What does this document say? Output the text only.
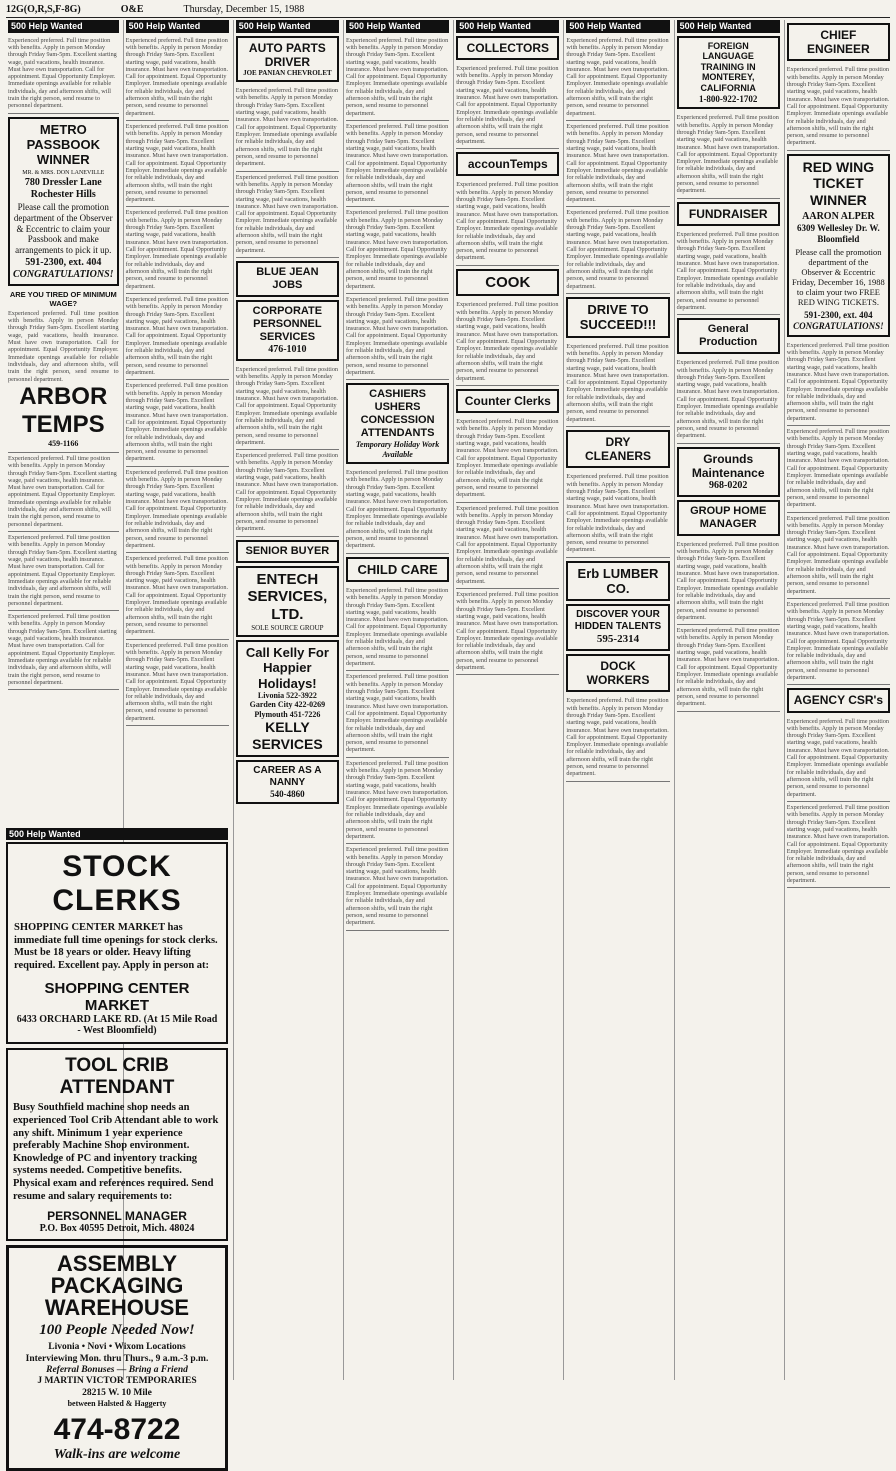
12G(O,R,S,F-8G)	O&E	Thursday, December 15, 1988
500 Help Wanted
Experienced preferred. Full time position with benefits. Apply in person Monday through Friday 9am-5pm. Excellent starting wage, paid vacations, health insurance. Must have own transportation. Call for appointment. Equal Opportunity Employer. Immediate openings available for reliable individuals, day and afternoon shifts, will train the right person, send resume to personnel department.
METRO PASSBOOK WINNER
MR. & MRS. DON LANEVILLE
780 Dressler Lane Rochester Hills
Please call the promotion department of the Observer & Eccentric to claim your Passbook and make arrangements to pick it up.
591-2300, ext. 404
CONGRATULATIONS!
ARE YOU TIRED OF MINIMUM WAGE?

Experienced preferred. Full time position with benefits. Apply in person Monday through Friday 9am-5pm. Excellent starting wage, paid vacations, health insurance. Must have own transportation. Call for appointment. Equal Opportunity Employer. Immediate openings available for reliable individuals, day and afternoon shifts, will train the right person, send resume to personnel department.

ARBOR TEMPS
459-1166
Experienced preferred. Full time position with benefits. Apply in person Monday through Friday 9am-5pm. Excellent starting wage, paid vacations, health insurance. Must have own transportation. Call for appointment. Equal Opportunity Employer. Immediate openings available for reliable individuals, day and afternoon shifts, will train the right person, send resume to personnel department.
Experienced preferred. Full time position with benefits. Apply in person Monday through Friday 9am-5pm. Excellent starting wage, paid vacations, health insurance. Must have own transportation. Call for appointment. Equal Opportunity Employer. Immediate openings available for reliable individuals, day and afternoon shifts, will train the right person, send resume to personnel department.
Experienced preferred. Full time position with benefits. Apply in person Monday through Friday 9am-5pm. Excellent starting wage, paid vacations, health insurance. Must have own transportation. Call for appointment. Equal Opportunity Employer. Immediate openings available for reliable individuals, day and afternoon shifts, will train the right person, send resume to personnel department.
500 Help Wanted
Experienced preferred. Full time position with benefits. Apply in person Monday through Friday 9am-5pm. Excellent starting wage, paid vacations, health insurance. Must have own transportation. Call for appointment. Equal Opportunity Employer. Immediate openings available for reliable individuals, day and afternoon shifts, will train the right person, send resume to personnel department.
Experienced preferred. Full time position with benefits. Apply in person Monday through Friday 9am-5pm. Excellent starting wage, paid vacations, health insurance. Must have own transportation. Call for appointment. Equal Opportunity Employer. Immediate openings available for reliable individuals, day and afternoon shifts, will train the right person, send resume to personnel department.
Experienced preferred. Full time position with benefits. Apply in person Monday through Friday 9am-5pm. Excellent starting wage, paid vacations, health insurance. Must have own transportation. Call for appointment. Equal Opportunity Employer. Immediate openings available for reliable individuals, day and afternoon shifts, will train the right person, send resume to personnel department.
Experienced preferred. Full time position with benefits. Apply in person Monday through Friday 9am-5pm. Excellent starting wage, paid vacations, health insurance. Must have own transportation. Call for appointment. Equal Opportunity Employer. Immediate openings available for reliable individuals, day and afternoon shifts, will train the right person, send resume to personnel department.
Experienced preferred. Full time position with benefits. Apply in person Monday through Friday 9am-5pm. Excellent starting wage, paid vacations, health insurance. Must have own transportation. Call for appointment. Equal Opportunity Employer. Immediate openings available for reliable individuals, day and afternoon shifts, will train the right person, send resume to personnel department.
Experienced preferred. Full time position with benefits. Apply in person Monday through Friday 9am-5pm. Excellent starting wage, paid vacations, health insurance. Must have own transportation. Call for appointment. Equal Opportunity Employer. Immediate openings available for reliable individuals, day and afternoon shifts, will train the right person, send resume to personnel department.
Experienced preferred. Full time position with benefits. Apply in person Monday through Friday 9am-5pm. Excellent starting wage, paid vacations, health insurance. Must have own transportation. Call for appointment. Equal Opportunity Employer. Immediate openings available for reliable individuals, day and afternoon shifts, will train the right person, send resume to personnel department.
Experienced preferred. Full time position with benefits. Apply in person Monday through Friday 9am-5pm. Excellent starting wage, paid vacations, health insurance. Must have own transportation. Call for appointment. Equal Opportunity Employer. Immediate openings available for reliable individuals, day and afternoon shifts, will train the right person, send resume to personnel department.
500 Help Wanted
AUTO PARTS DRIVER
JOE PANIAN CHEVROLET
Experienced preferred. Full time position with benefits. Apply in person Monday through Friday 9am-5pm. Excellent starting wage, paid vacations, health insurance. Must have own transportation. Call for appointment. Equal Opportunity Employer. Immediate openings available for reliable individuals, day and afternoon shifts, will train the right person, send resume to personnel department.
Experienced preferred. Full time position with benefits. Apply in person Monday through Friday 9am-5pm. Excellent starting wage, paid vacations, health insurance. Must have own transportation. Call for appointment. Equal Opportunity Employer. Immediate openings available for reliable individuals, day and afternoon shifts, will train the right person, send resume to personnel department.
BLUE JEAN JOBS
CORPORATE PERSONNEL SERVICES
476-1010
Experienced preferred. Full time position with benefits. Apply in person Monday through Friday 9am-5pm. Excellent starting wage, paid vacations, health insurance. Must have own transportation. Call for appointment. Equal Opportunity Employer. Immediate openings available for reliable individuals, day and afternoon shifts, will train the right person, send resume to personnel department.
Experienced preferred. Full time position with benefits. Apply in person Monday through Friday 9am-5pm. Excellent starting wage, paid vacations, health insurance. Must have own transportation. Call for appointment. Equal Opportunity Employer. Immediate openings available for reliable individuals, day and afternoon shifts, will train the right person, send resume to personnel department.
SENIOR BUYER
ENTECH SERVICES, LTD.
SOLE SOURCE GROUP
Call Kelly For Happier Holidays!
Livonia 522-3922
Garden City 422-0269
Plymouth 451-7226
KELLY SERVICES
CAREER AS A NANNY
540-4860
500 Help Wanted
Experienced preferred. Full time position with benefits. Apply in person Monday through Friday 9am-5pm. Excellent starting wage, paid vacations, health insurance. Must have own transportation. Call for appointment. Equal Opportunity Employer. Immediate openings available for reliable individuals, day and afternoon shifts, will train the right person, send resume to personnel department.
Experienced preferred. Full time position with benefits. Apply in person Monday through Friday 9am-5pm. Excellent starting wage, paid vacations, health insurance. Must have own transportation. Call for appointment. Equal Opportunity Employer. Immediate openings available for reliable individuals, day and afternoon shifts, will train the right person, send resume to personnel department.
Experienced preferred. Full time position with benefits. Apply in person Monday through Friday 9am-5pm. Excellent starting wage, paid vacations, health insurance. Must have own transportation. Call for appointment. Equal Opportunity Employer. Immediate openings available for reliable individuals, day and afternoon shifts, will train the right person, send resume to personnel department.
Experienced preferred. Full time position with benefits. Apply in person Monday through Friday 9am-5pm. Excellent starting wage, paid vacations, health insurance. Must have own transportation. Call for appointment. Equal Opportunity Employer. Immediate openings available for reliable individuals, day and afternoon shifts, will train the right person, send resume to personnel department.
CASHIERS USHERS CONCESSION ATTENDANTS
Temporary Holiday Work Available
Experienced preferred. Full time position with benefits. Apply in person Monday through Friday 9am-5pm. Excellent starting wage, paid vacations, health insurance. Must have own transportation. Call for appointment. Equal Opportunity Employer. Immediate openings available for reliable individuals, day and afternoon shifts, will train the right person, send resume to personnel department.
CHILD CARE
Experienced preferred. Full time position with benefits. Apply in person Monday through Friday 9am-5pm. Excellent starting wage, paid vacations, health insurance. Must have own transportation. Call for appointment. Equal Opportunity Employer. Immediate openings available for reliable individuals, day and afternoon shifts, will train the right person, send resume to personnel department.
Experienced preferred. Full time position with benefits. Apply in person Monday through Friday 9am-5pm. Excellent starting wage, paid vacations, health insurance. Must have own transportation. Call for appointment. Equal Opportunity Employer. Immediate openings available for reliable individuals, day and afternoon shifts, will train the right person, send resume to personnel department.
Experienced preferred. Full time position with benefits. Apply in person Monday through Friday 9am-5pm. Excellent starting wage, paid vacations, health insurance. Must have own transportation. Call for appointment. Equal Opportunity Employer. Immediate openings available for reliable individuals, day and afternoon shifts, will train the right person, send resume to personnel department.
Experienced preferred. Full time position with benefits. Apply in person Monday through Friday 9am-5pm. Excellent starting wage, paid vacations, health insurance. Must have own transportation. Call for appointment. Equal Opportunity Employer. Immediate openings available for reliable individuals, day and afternoon shifts, will train the right person, send resume to personnel department.
500 Help Wanted
COLLECTORS
Experienced preferred. Full time position with benefits. Apply in person Monday through Friday 9am-5pm. Excellent starting wage, paid vacations, health insurance. Must have own transportation. Call for appointment. Equal Opportunity Employer. Immediate openings available for reliable individuals, day and afternoon shifts, will train the right person, send resume to personnel department.
accounTemps
Experienced preferred. Full time position with benefits. Apply in person Monday through Friday 9am-5pm. Excellent starting wage, paid vacations, health insurance. Must have own transportation. Call for appointment. Equal Opportunity Employer. Immediate openings available for reliable individuals, day and afternoon shifts, will train the right person, send resume to personnel department.
COOK
Experienced preferred. Full time position with benefits. Apply in person Monday through Friday 9am-5pm. Excellent starting wage, paid vacations, health insurance. Must have own transportation. Call for appointment. Equal Opportunity Employer. Immediate openings available for reliable individuals, day and afternoon shifts, will train the right person, send resume to personnel department.
Counter Clerks
Experienced preferred. Full time position with benefits. Apply in person Monday through Friday 9am-5pm. Excellent starting wage, paid vacations, health insurance. Must have own transportation. Call for appointment. Equal Opportunity Employer. Immediate openings available for reliable individuals, day and afternoon shifts, will train the right person, send resume to personnel department.
Experienced preferred. Full time position with benefits. Apply in person Monday through Friday 9am-5pm. Excellent starting wage, paid vacations, health insurance. Must have own transportation. Call for appointment. Equal Opportunity Employer. Immediate openings available for reliable individuals, day and afternoon shifts, will train the right person, send resume to personnel department.
Experienced preferred. Full time position with benefits. Apply in person Monday through Friday 9am-5pm. Excellent starting wage, paid vacations, health insurance. Must have own transportation. Call for appointment. Equal Opportunity Employer. Immediate openings available for reliable individuals, day and afternoon shifts, will train the right person, send resume to personnel department.
500 Help Wanted
Experienced preferred. Full time position with benefits. Apply in person Monday through Friday 9am-5pm. Excellent starting wage, paid vacations, health insurance. Must have own transportation. Call for appointment. Equal Opportunity Employer. Immediate openings available for reliable individuals, day and afternoon shifts, will train the right person, send resume to personnel department.
Experienced preferred. Full time position with benefits. Apply in person Monday through Friday 9am-5pm. Excellent starting wage, paid vacations, health insurance. Must have own transportation. Call for appointment. Equal Opportunity Employer. Immediate openings available for reliable individuals, day and afternoon shifts, will train the right person, send resume to personnel department.
Experienced preferred. Full time position with benefits. Apply in person Monday through Friday 9am-5pm. Excellent starting wage, paid vacations, health insurance. Must have own transportation. Call for appointment. Equal Opportunity Employer. Immediate openings available for reliable individuals, day and afternoon shifts, will train the right person, send resume to personnel department.
DRIVE TO SUCCEED!!!
Experienced preferred. Full time position with benefits. Apply in person Monday through Friday 9am-5pm. Excellent starting wage, paid vacations, health insurance. Must have own transportation. Call for appointment. Equal Opportunity Employer. Immediate openings available for reliable individuals, day and afternoon shifts, will train the right person, send resume to personnel department.
DRY CLEANERS
Experienced preferred. Full time position with benefits. Apply in person Monday through Friday 9am-5pm. Excellent starting wage, paid vacations, health insurance. Must have own transportation. Call for appointment. Equal Opportunity Employer. Immediate openings available for reliable individuals, day and afternoon shifts, will train the right person, send resume to personnel department.
Erb LUMBER CO.
DISCOVER YOUR HIDDEN TALENTS
595-2314
DOCK WORKERS
Experienced preferred. Full time position with benefits. Apply in person Monday through Friday 9am-5pm. Excellent starting wage, paid vacations, health insurance. Must have own transportation. Call for appointment. Equal Opportunity Employer. Immediate openings available for reliable individuals, day and afternoon shifts, will train the right person, send resume to personnel department.
500 Help Wanted
FOREIGN LANGUAGE TRAINING IN MONTEREY, CALIFORNIA
1-800-922-1702
Experienced preferred. Full time position with benefits. Apply in person Monday through Friday 9am-5pm. Excellent starting wage, paid vacations, health insurance. Must have own transportation. Call for appointment. Equal Opportunity Employer. Immediate openings available for reliable individuals, day and afternoon shifts, will train the right person, send resume to personnel department.
FUNDRAISER
Experienced preferred. Full time position with benefits. Apply in person Monday through Friday 9am-5pm. Excellent starting wage, paid vacations, health insurance. Must have own transportation. Call for appointment. Equal Opportunity Employer. Immediate openings available for reliable individuals, day and afternoon shifts, will train the right person, send resume to personnel department.
General Production
Experienced preferred. Full time position with benefits. Apply in person Monday through Friday 9am-5pm. Excellent starting wage, paid vacations, health insurance. Must have own transportation. Call for appointment. Equal Opportunity Employer. Immediate openings available for reliable individuals, day and afternoon shifts, will train the right person, send resume to personnel department.
Grounds Maintenance
968-0202
GROUP HOME MANAGER
Experienced preferred. Full time position with benefits. Apply in person Monday through Friday 9am-5pm. Excellent starting wage, paid vacations, health insurance. Must have own transportation. Call for appointment. Equal Opportunity Employer. Immediate openings available for reliable individuals, day and afternoon shifts, will train the right person, send resume to personnel department.
Experienced preferred. Full time position with benefits. Apply in person Monday through Friday 9am-5pm. Excellent starting wage, paid vacations, health insurance. Must have own transportation. Call for appointment. Equal Opportunity Employer. Immediate openings available for reliable individuals, day and afternoon shifts, will train the right person, send resume to personnel department.
CHIEF ENGINEER
Experienced preferred. Full time position with benefits. Apply in person Monday through Friday 9am-5pm. Excellent starting wage, paid vacations, health insurance. Must have own transportation. Call for appointment. Equal Opportunity Employer. Immediate openings available for reliable individuals, day and afternoon shifts, will train the right person, send resume to personnel department.
RED WING TICKET WINNER
AARON ALPER
6309 Wellesley Dr. W. Bloomfield
Please call the promotion department of the Observer & Eccentric Friday, December 16, 1988 to claim your two FREE RED WING TICKETS.
591-2300, ext. 404
CONGRATULATIONS!
Experienced preferred. Full time position with benefits. Apply in person Monday through Friday 9am-5pm. Excellent starting wage, paid vacations, health insurance. Must have own transportation. Call for appointment. Equal Opportunity Employer. Immediate openings available for reliable individuals, day and afternoon shifts, will train the right person, send resume to personnel department.
Experienced preferred. Full time position with benefits. Apply in person Monday through Friday 9am-5pm. Excellent starting wage, paid vacations, health insurance. Must have own transportation. Call for appointment. Equal Opportunity Employer. Immediate openings available for reliable individuals, day and afternoon shifts, will train the right person, send resume to personnel department.
Experienced preferred. Full time position with benefits. Apply in person Monday through Friday 9am-5pm. Excellent starting wage, paid vacations, health insurance. Must have own transportation. Call for appointment. Equal Opportunity Employer. Immediate openings available for reliable individuals, day and afternoon shifts, will train the right person, send resume to personnel department.
Experienced preferred. Full time position with benefits. Apply in person Monday through Friday 9am-5pm. Excellent starting wage, paid vacations, health insurance. Must have own transportation. Call for appointment. Equal Opportunity Employer. Immediate openings available for reliable individuals, day and afternoon shifts, will train the right person, send resume to personnel department.
AGENCY CSR's
Experienced preferred. Full time position with benefits. Apply in person Monday through Friday 9am-5pm. Excellent starting wage, paid vacations, health insurance. Must have own transportation. Call for appointment. Equal Opportunity Employer. Immediate openings available for reliable individuals, day and afternoon shifts, will train the right person, send resume to personnel department.
Experienced preferred. Full time position with benefits. Apply in person Monday through Friday 9am-5pm. Excellent starting wage, paid vacations, health insurance. Must have own transportation. Call for appointment. Equal Opportunity Employer. Immediate openings available for reliable individuals, day and afternoon shifts, will train the right person, send resume to personnel department.
500 Help Wanted
STOCK CLERKS

SHOPPING CENTER MARKET has immediate full time openings for stock clerks. Must be 18 years or older. Heavy lifting required. Excellent pay. Apply in person at:

SHOPPING CENTER MARKET
6433 ORCHARD LAKE RD. (At 15 Mile Road - West Bloomfield)
TOOL CRIB ATTENDANT

Busy Southfield machine shop needs an experienced Tool Crib Attendant able to work any shift. Minimum 1 year experience preferably Machine Shop environment. Knowledge of PC and inventory tracking systems needed. Competitive benefits. Physical exam and references required. Send resume and salary requirements to:

PERSONNEL MANAGER
P.O. Box 40595 Detroit, Mich. 48024
ASSEMBLY PACKAGING WAREHOUSE
100 People Needed Now!

Livonia • Novi • Wixom Locations

Interviewing Mon. thru Thurs., 9 a.m.-3 p.m.

Referral Bonuses — Bring a Friend

J MARTIN VICTOR TEMPORARIES

28215 W. 10 Mile

between Halsted & Haggerty

474-8722
Walk-ins are welcome
